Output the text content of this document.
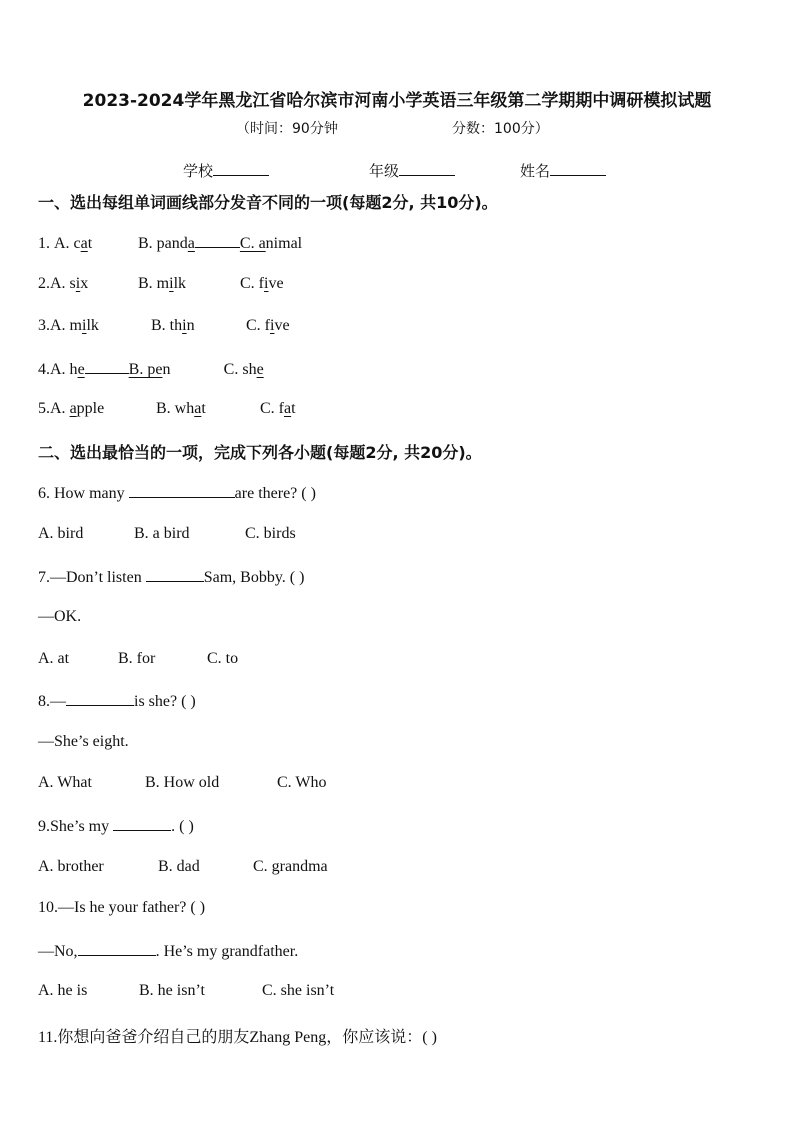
2023-2024学年黑龙江省哈尔滨市河南小学英语三年级第二学期期中调研模拟试题
（时间：90分钟	分数：100分）
学校	年级	姓名
一、选出每组单词画线部分发音不同的一项(每题2分, 共10分)。
1. A. cat	B. panda	C. animal
2.A. six	B. milk	C. five
3.A. milk	B. thin	C. five
4.A. he	B. pen	C. she
5.A. apple	B. what	C. fat
二、选出最恰当的一项，完成下列各小题(每题2分, 共20分)。
6. How many	are there? ( )
A. bird	B. a bird	C. birds
7.—Don’t listen	Sam, Bobby. ( )
—OK.
A. at	B. for	C. to
8.—	is she? ( )
—She’s eight.
A. What	B. How old	C. Who
9.She’s my	. ( )
A. brother	B. dad	C. grandma
10.—Is he your father? ( )
—No,	. He’s my grandfather.
A. he is	B. he isn’t	C. she isn’t
11.你想向爸爸介绍自己的朋友Zhang Peng，你应该说：( )
